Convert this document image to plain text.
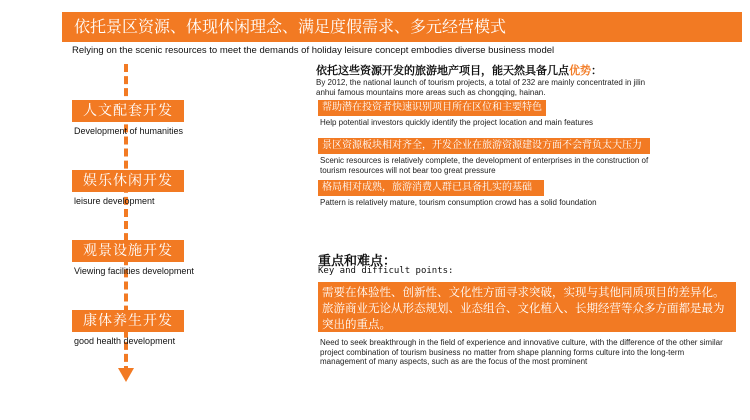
依托景区资源、体现休闲理念、满足度假需求、多元经营模式
Relying on the scenic resources to meet the demands of holiday leisure concept embodies diverse business model
人文配套开发
Development of humanities
娱乐休闲开发
leisure development
观景设施开发
Viewing facilities development
康体养生开发
good health development
依托这些资源开发的旅游地产项目，能天然具备几点优势：
By 2012, the national launch of tourism projects, a total of 232 are mainly concentrated in jilin anhui famous mountains more areas such as chongqing, hainan.
帮助潜在投资者快速识别项目所在区位和主要特色
Help potential investors quickly identify the project location and main features
景区资源板块相对齐全，开发企业在旅游资源建设方面不会背负太大压力
Scenic resources is relatively complete, the development of enterprises in the construction of tourism resources will not bear too great pressure
格局相对成熟，旅游消费人群已具备扎实的基础
Pattern is relatively mature, tourism consumption crowd has a solid foundation
重点和难点：
Key and difficult points:
需要在体验性、创新性、文化性方面寻求突破，实现与其他同质项目的差异化。旅游商业无论从形态规划、业态组合、文化植入、长期经营等众多方面都是最为突出的重点。
Need to seek breakthrough in the field of experience and innovative culture, with the difference of the other similar project combination of tourism business no matter from shape planning forms culture into the long-term management of many aspects, such as are the focus of the most prominent
